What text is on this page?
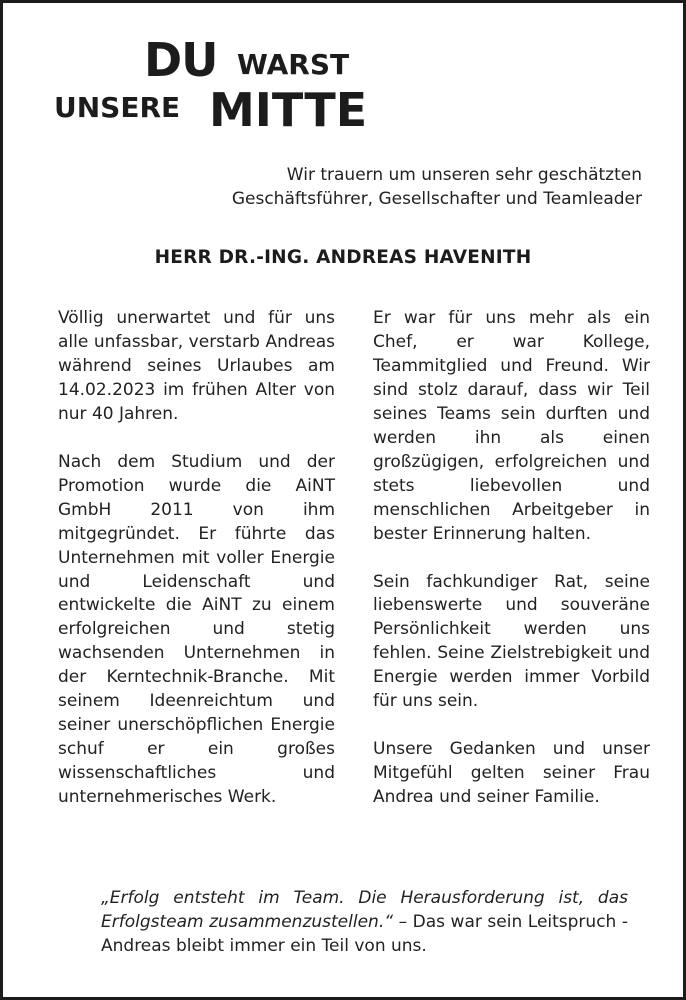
DU WARST
UNSERE MITTE
Wir trauern um unseren sehr geschätzten
Geschäftsführer, Gesellschafter und Teamleader
HERR DR.-ING. ANDREAS HAVENITH

Völlig unerwartet und für uns alle unfassbar, verstarb Andreas während seines Urlaubes am 14.02.2023 im frühen Alter von nur 40 Jahren.

Nach dem Studium und der Promotion wurde die AiNT GmbH 2011 von ihm mitgegründet. Er führte das Unternehmen mit voller Energie und Leidenschaft und entwickelte die AiNT zu einem erfolgreichen und stetig wachsenden Unternehmen in der Kerntechnik-Branche. Mit seinem Ideenreichtum und seiner unerschöpflichen Energie schuf er ein großes wissenschaftliches und unternehmerisches Werk.

Er war für uns mehr als ein Chef, er war Kollege, Teammitglied und Freund. Wir sind stolz darauf, dass wir Teil seines Teams sein durften und werden ihn als einen großzügigen, erfolgreichen und stets liebevollen und menschlichen Arbeitgeber in bester Erinnerung halten.

Sein fachkundiger Rat, seine liebenswerte und souveräne Persönlichkeit werden uns fehlen. Seine Zielstrebigkeit und Energie werden immer Vorbild für uns sein.

Unsere Gedanken und unser Mitgefühl gelten seiner Frau Andrea und seiner Familie.

„Erfolg entsteht im Team. Die Herausforderung ist, das Erfolgsteam zusammenzustellen.“ – Das war sein Leitspruch - Andreas bleibt immer ein Teil von uns.
